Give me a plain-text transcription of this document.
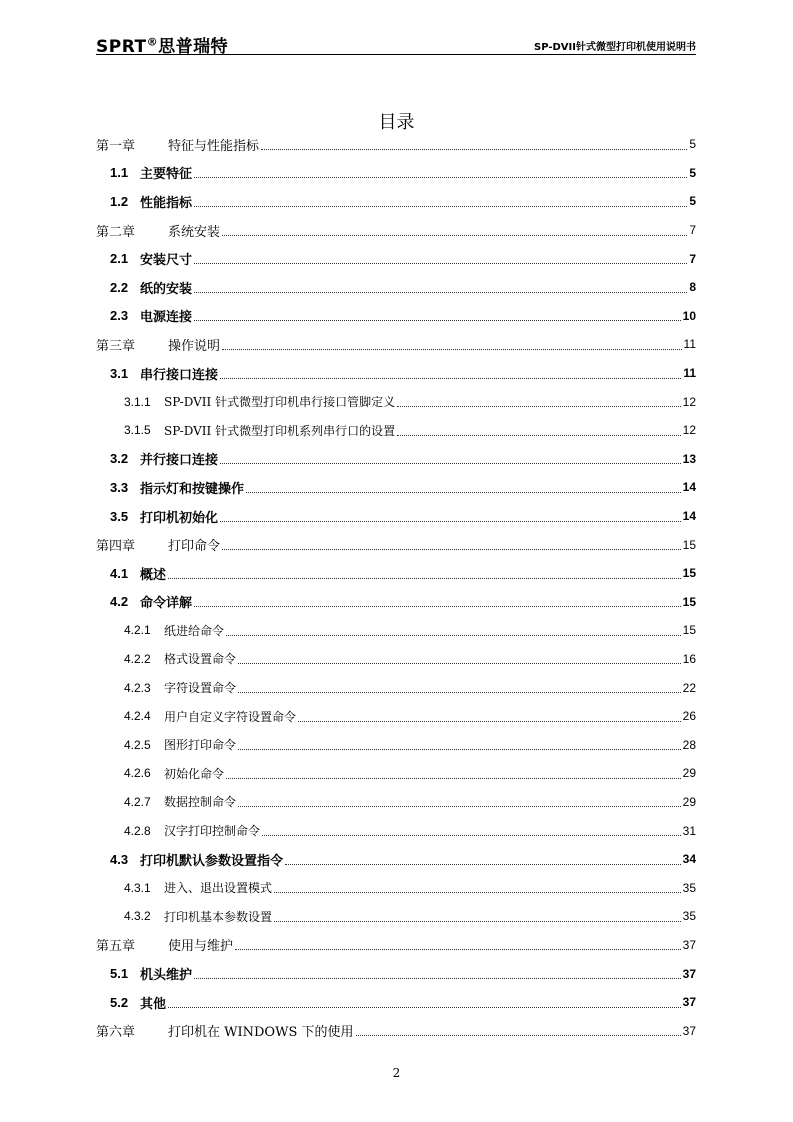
SPRT®思普瑞特	SP-DVII针式微型打印机使用说明书
目录
第一章	特征与性能指标	5
1.1 主要特征	5
1.2 性能指标	5
第二章	系统安装	7
2.1 安装尺寸	7
2.2 纸的安装	8
2.3 电源连接	10
第三章	操作说明	11
3.1 串行接口连接	11
3.1.1	SP-DVII 针式微型打印机串行接口管脚定义	12
3.1.5	SP-DVII 针式微型打印机系列串行口的设置	12
3.2 并行接口连接	13
3.3 指示灯和按键操作	14
3.5 打印机初始化	14
第四章	打印命令	15
4.1 概述	15
4.2 命令详解	15
4.2.1	纸进给命令	15
4.2.2	格式设置命令	16
4.2.3	字符设置命令	22
4.2.4	用户自定义字符设置命令	26
4.2.5	图形打印命令	28
4.2.6	初始化命令	29
4.2.7	数据控制命令	29
4.2.8	汉字打印控制命令	31
4.3 打印机默认参数设置指令	34
4.3.1	进入、退出设置模式	35
4.3.2	打印机基本参数设置	35
第五章	使用与维护	37
5.1 机头维护	37
5.2 其他	37
第六章	打印机在 WINDOWS 下的使用	37
2
